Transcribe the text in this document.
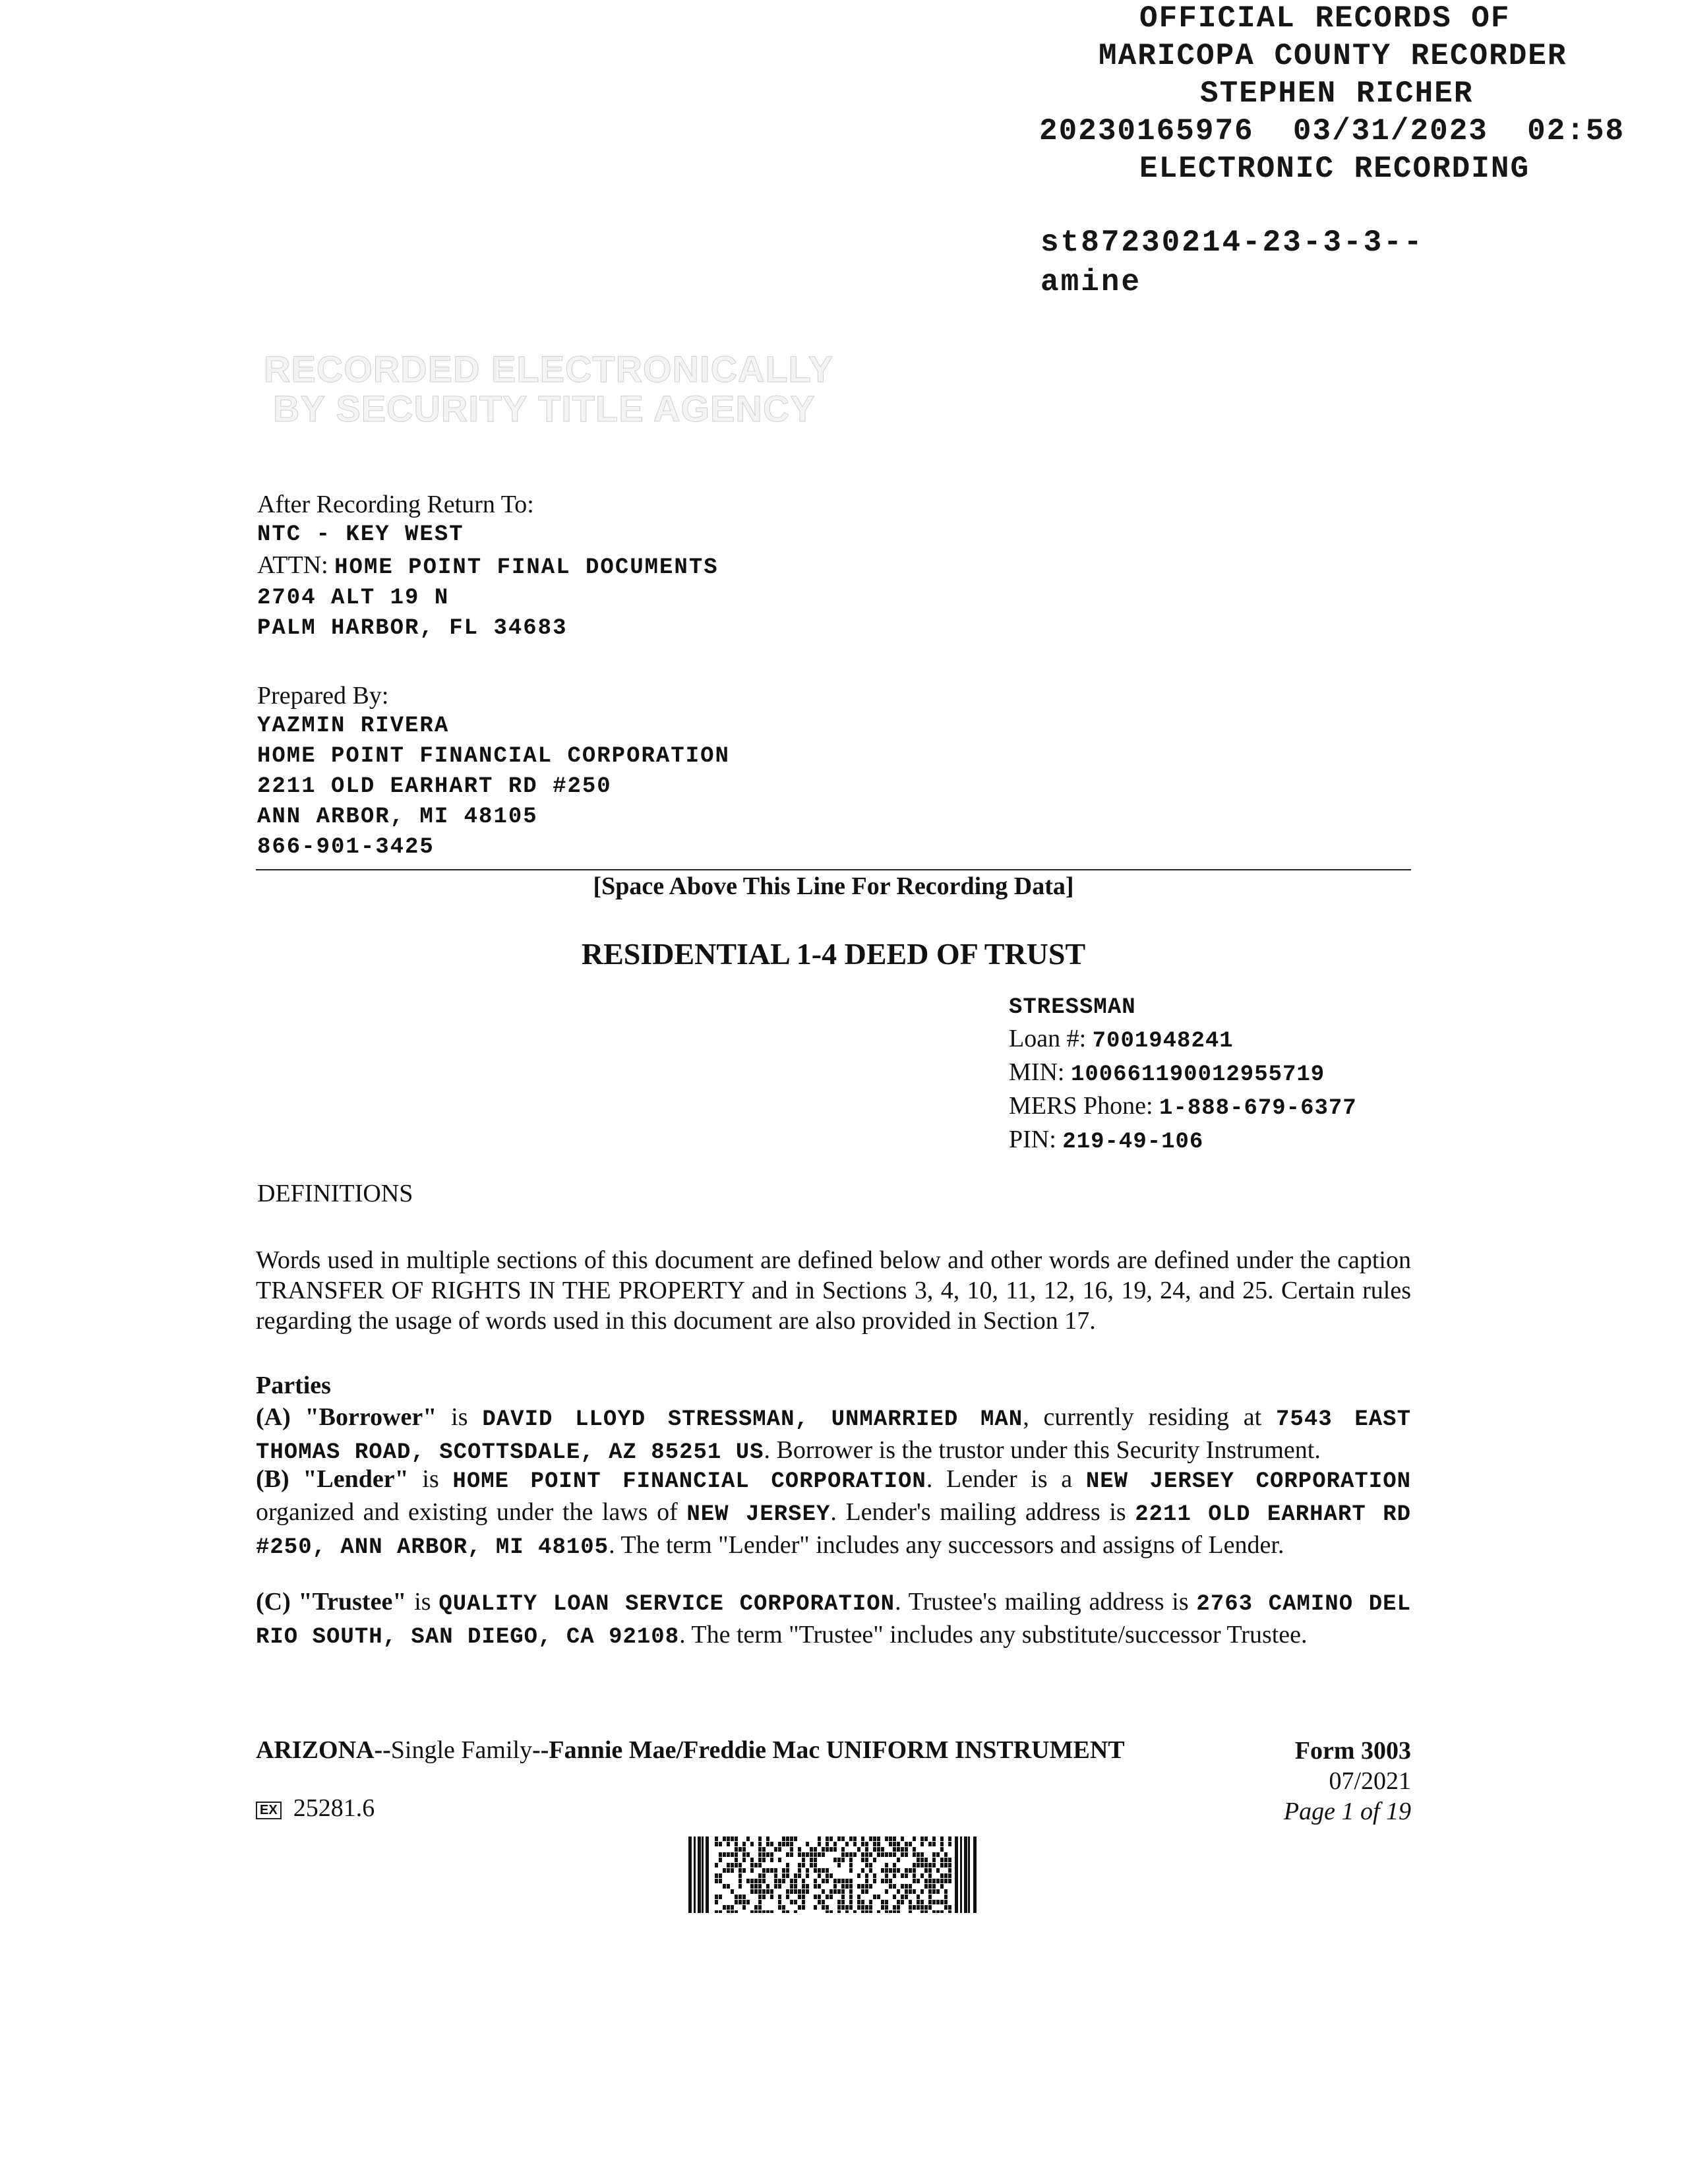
OFFICIAL RECORDS OF
MARICOPA COUNTY RECORDER
STEPHEN RICHER
20230165976  03/31/2023  02:58
ELECTRONIC RECORDING
st87230214-23-3-3--
amine
RECORDED ELECTRONICALLY
BY SECURITY TITLE AGENCY
After Recording Return To:
NTC - KEY WEST
ATTN: HOME POINT FINAL DOCUMENTS
2704 ALT 19 N
PALM HARBOR, FL 34683
Prepared By:
YAZMIN RIVERA
HOME POINT FINANCIAL CORPORATION
2211 OLD EARHART RD #250
ANN ARBOR, MI 48105
866-901-3425
[Space Above This Line For Recording Data]
RESIDENTIAL 1-4 DEED OF TRUST
STRESSMAN
Loan #: 7001948241
MIN: 100661190012955719
MERS Phone: 1-888-679-6377
PIN: 219-49-106
DEFINITIONS
Words used in multiple sections of this document are defined below and other words are defined under the caption TRANSFER OF RIGHTS IN THE PROPERTY and in Sections 3, 4, 10, 11, 12, 16, 19, 24, and 25. Certain rules regarding the usage of words used in this document are also provided in Section 17.
Parties
(A) "Borrower" is DAVID LLOYD STRESSMAN, UNMARRIED MAN, currently residing at 7543 EAST THOMAS ROAD, SCOTTSDALE, AZ 85251 US. Borrower is the trustor under this Security Instrument.
(B) "Lender" is HOME POINT FINANCIAL CORPORATION. Lender is a NEW JERSEY CORPORATION organized and existing under the laws of NEW JERSEY. Lender's mailing address is 2211 OLD EARHART RD #250, ANN ARBOR, MI 48105. The term "Lender" includes any successors and assigns of Lender.
(C) "Trustee" is QUALITY LOAN SERVICE CORPORATION. Trustee's mailing address is 2763 CAMINO DEL RIO SOUTH, SAN DIEGO, CA 92108. The term "Trustee" includes any substitute/successor Trustee.
ARIZONA--Single Family--Fannie Mae/Freddie Mac UNIFORM INSTRUMENT	Form 3003
07/2021
Page 1 of 19
EX 25281.6
